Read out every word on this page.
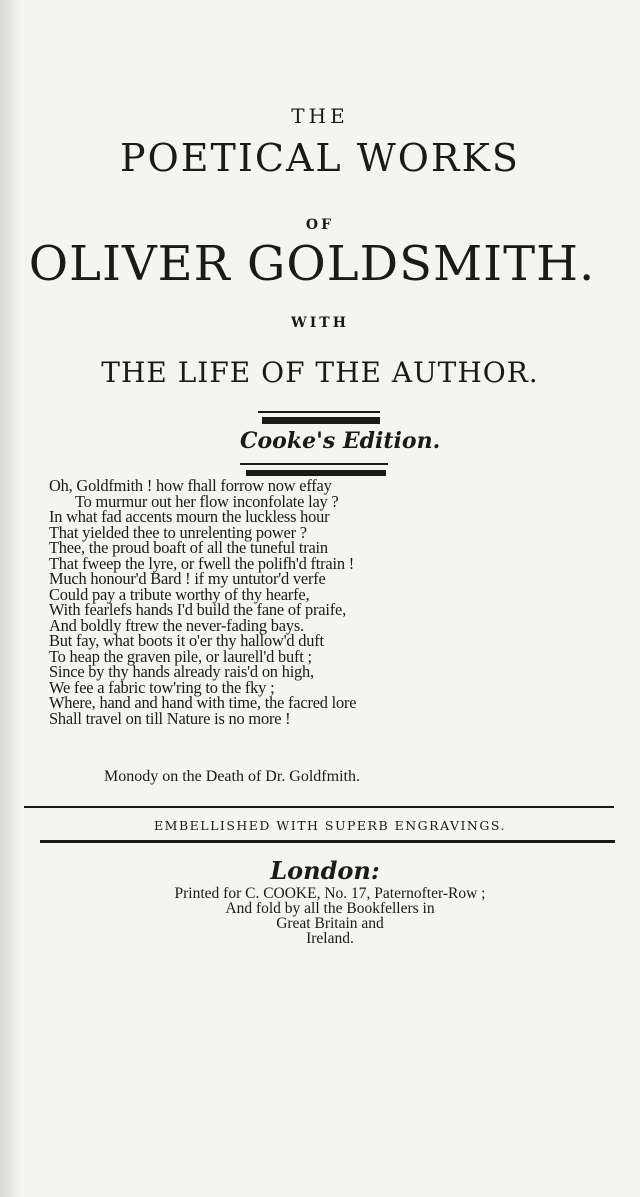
THE
POETICAL WORKS
OF
OLIVER GOLDSMITH.
WITH
THE LIFE OF THE AUTHOR.
Cooke's Edition.
Oh, Goldfmith ! how fhall forrow now effay
To murmur out her flow inconfolate lay ?
In what fad accents mourn the luckless hour
That yielded thee to unrelenting power ?
Thee, the proud boaft of all the tuneful train
That fweep the lyre, or fwell the polifh'd ftrain !
Much honour'd Bard ! if my untutor'd verfe
Could pay a tribute worthy of thy hearfe,
With fearlefs hands I'd build the fane of praife,
And boldly ftrew the never-fading bays.
But fay, what boots it o'er thy hallow'd duft
To heap the graven pile, or laurell'd buft ;
Since by thy hands already rais'd on high,
We fee a fabric tow'ring to the fky ;
Where, hand and hand with time, the facred lore
Shall travel on till Nature is no more !
Monody on the Death of Dr. Goldfmith.
EMBELLISHED WITH SUPERB ENGRAVINGS.
London:
Printed for C. COOKE, No. 17, Paternofter-Row ;
And fold by all the Bookfellers in
Great Britain and
Ireland.
